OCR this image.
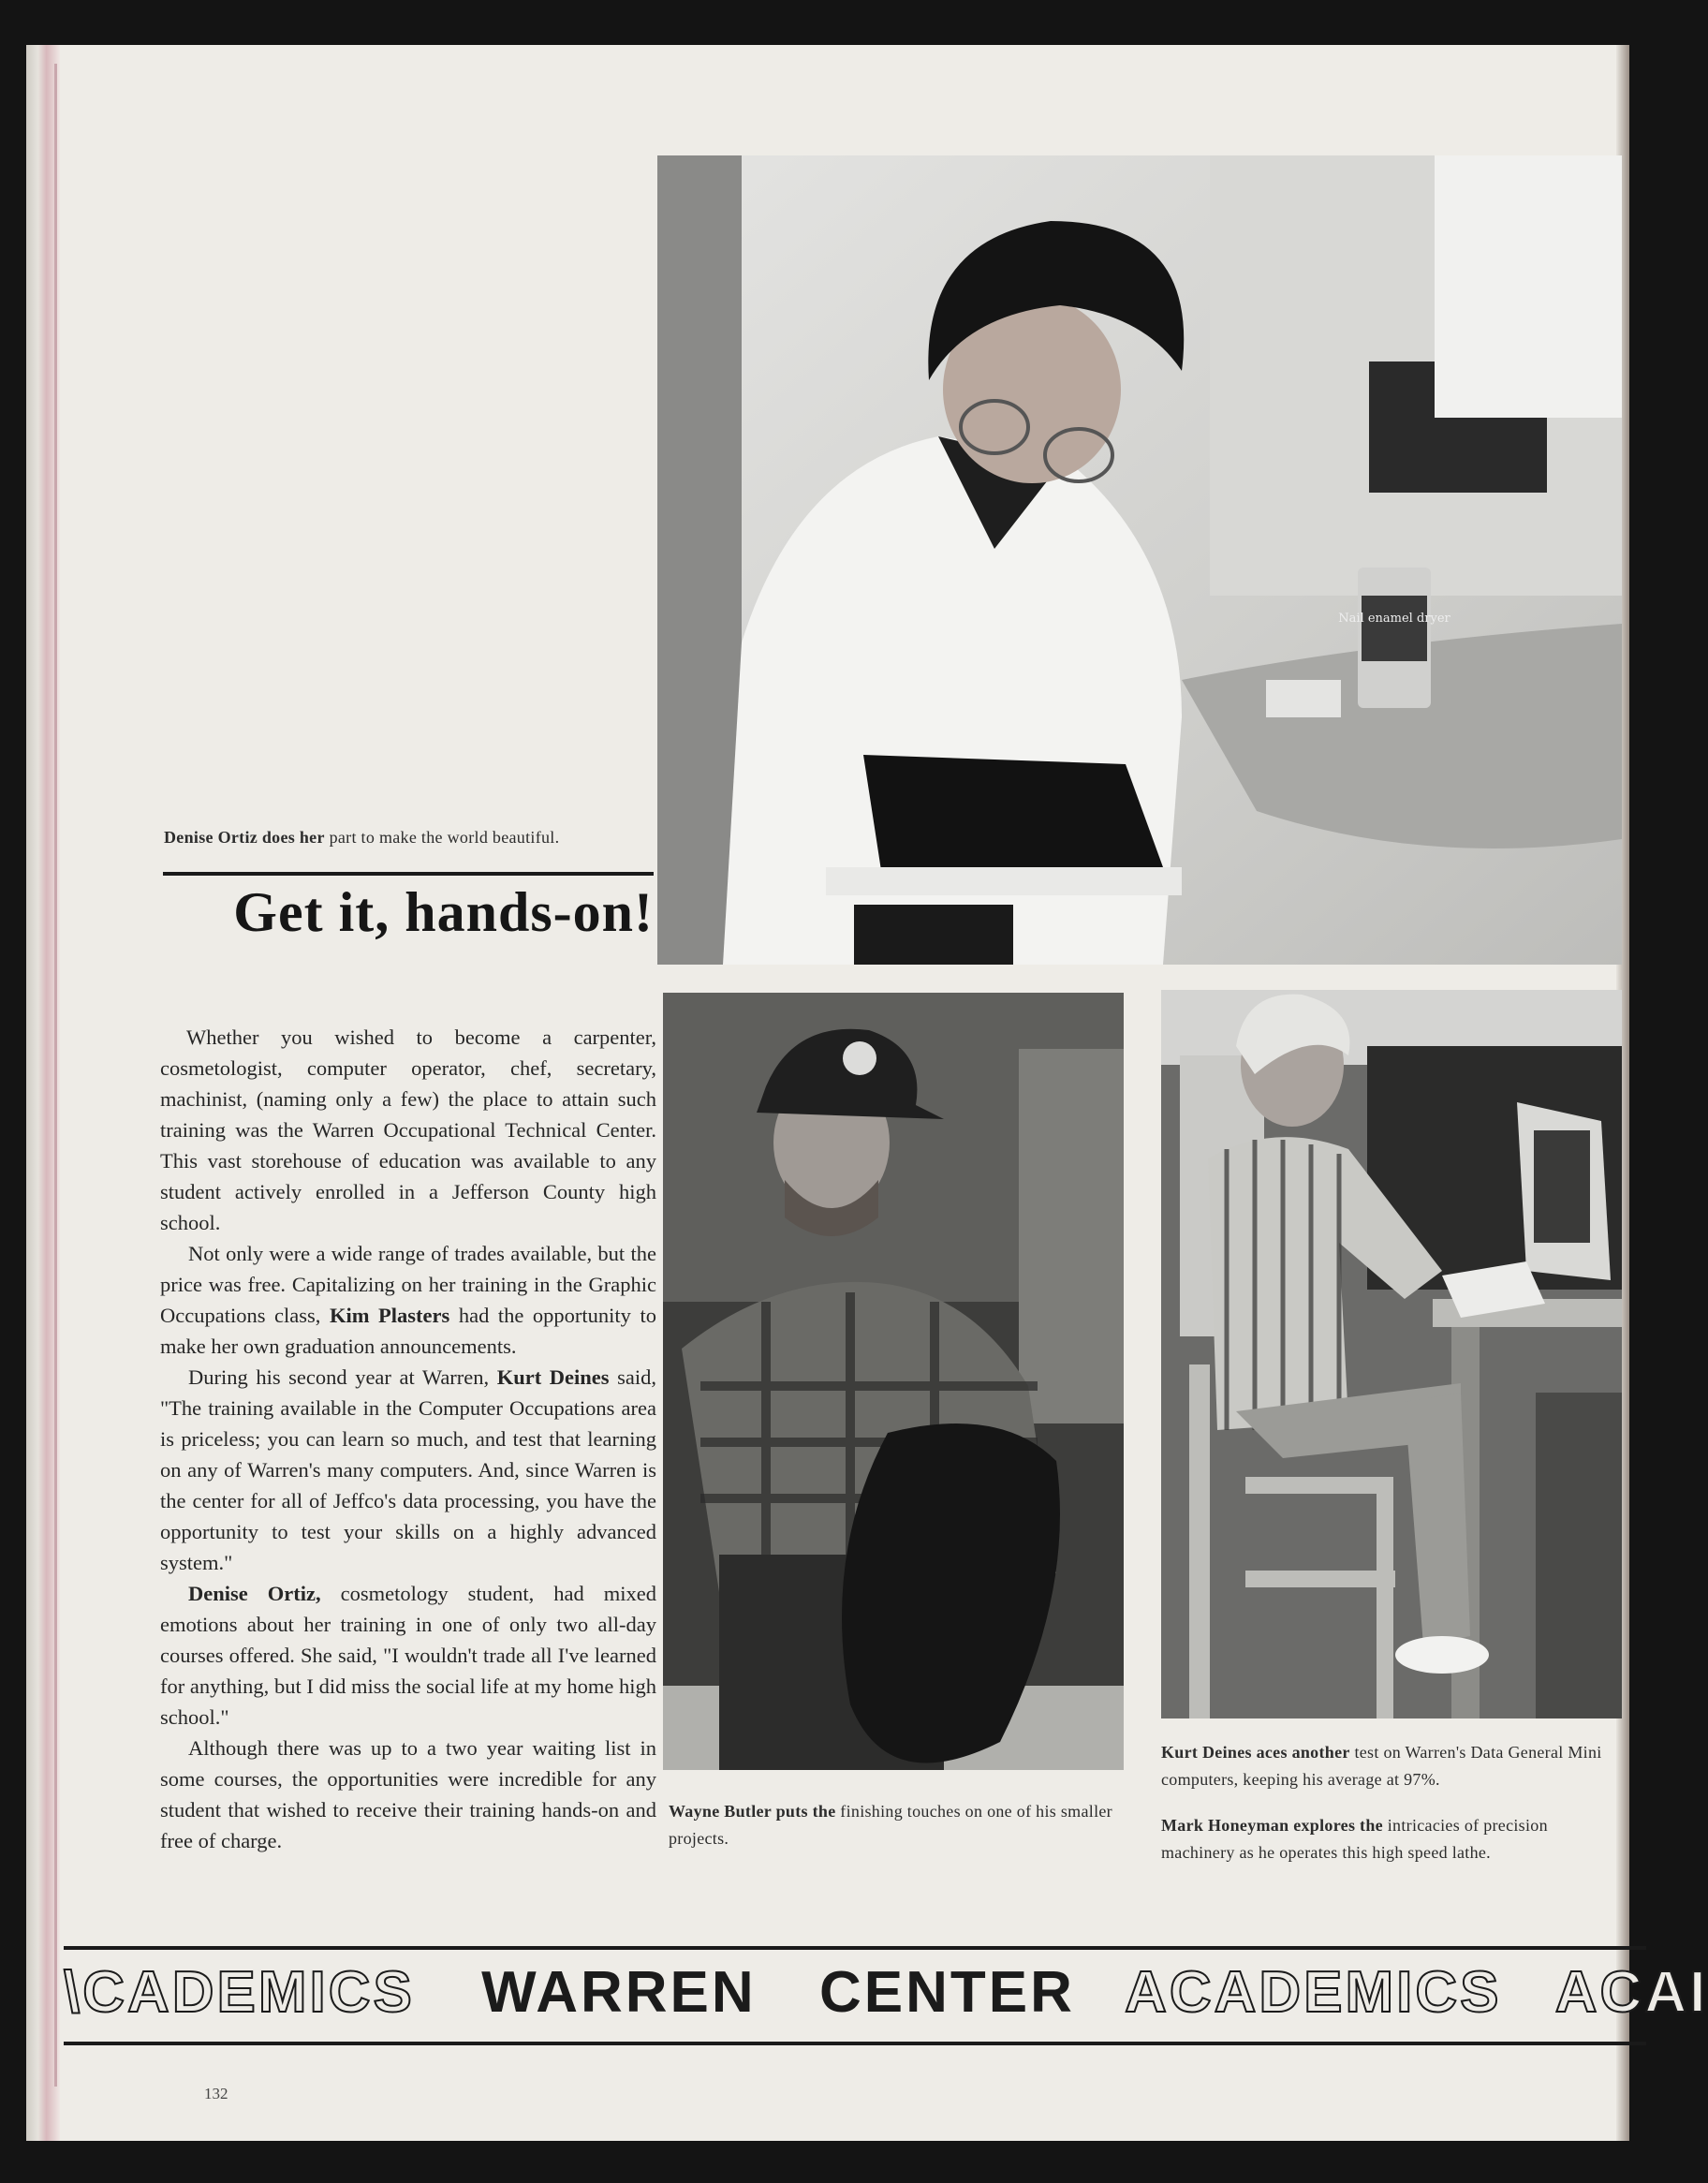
Nail enamel dryer
Denise Ortiz does her part to make the world beautiful.
Wayne Butler puts the finishing touches on one of his smaller projects.
Kurt Deines aces another test on Warren's Data General Mini computers, keeping his average at 97%.
Mark Honeyman explores the intricacies of precision machinery as he operates this high speed lathe.
Get it, hands-on!

Whether you wished to become a carpenter, cosmetologist, computer operator, chef, secretary, machinist, (naming only a few) the place to attain such training was the Warren Occupational Technical Center. This vast storehouse of education was available to any student actively enrolled in a Jefferson County high school.

Not only were a wide range of trades available, but the price was free. Capitalizing on her training in the Graphic Occupations class, Kim Plasters had the opportunity to make her own graduation announcements.

During his second year at Warren, Kurt Deines said, "The training available in the Computer Occupations area is priceless; you can learn so much, and test that learning on any of Warren's many computers. And, since Warren is the center for all of Jeffco's data processing, you have the opportunity to test your skills on a highly advanced system."

Denise Ortiz, cosmetology student, had mixed emotions about her training in one of only two all-day courses offered. She said, "I wouldn't trade all I've learned for anything, but I did miss the social life at my home high school."

Although there was up to a two year waiting list in some courses, the opportunities were incredible for any student that wished to receive their training hands-on and free of charge.

\CADEMICS WARREN CENTER ACADEMICS ACAI
132
